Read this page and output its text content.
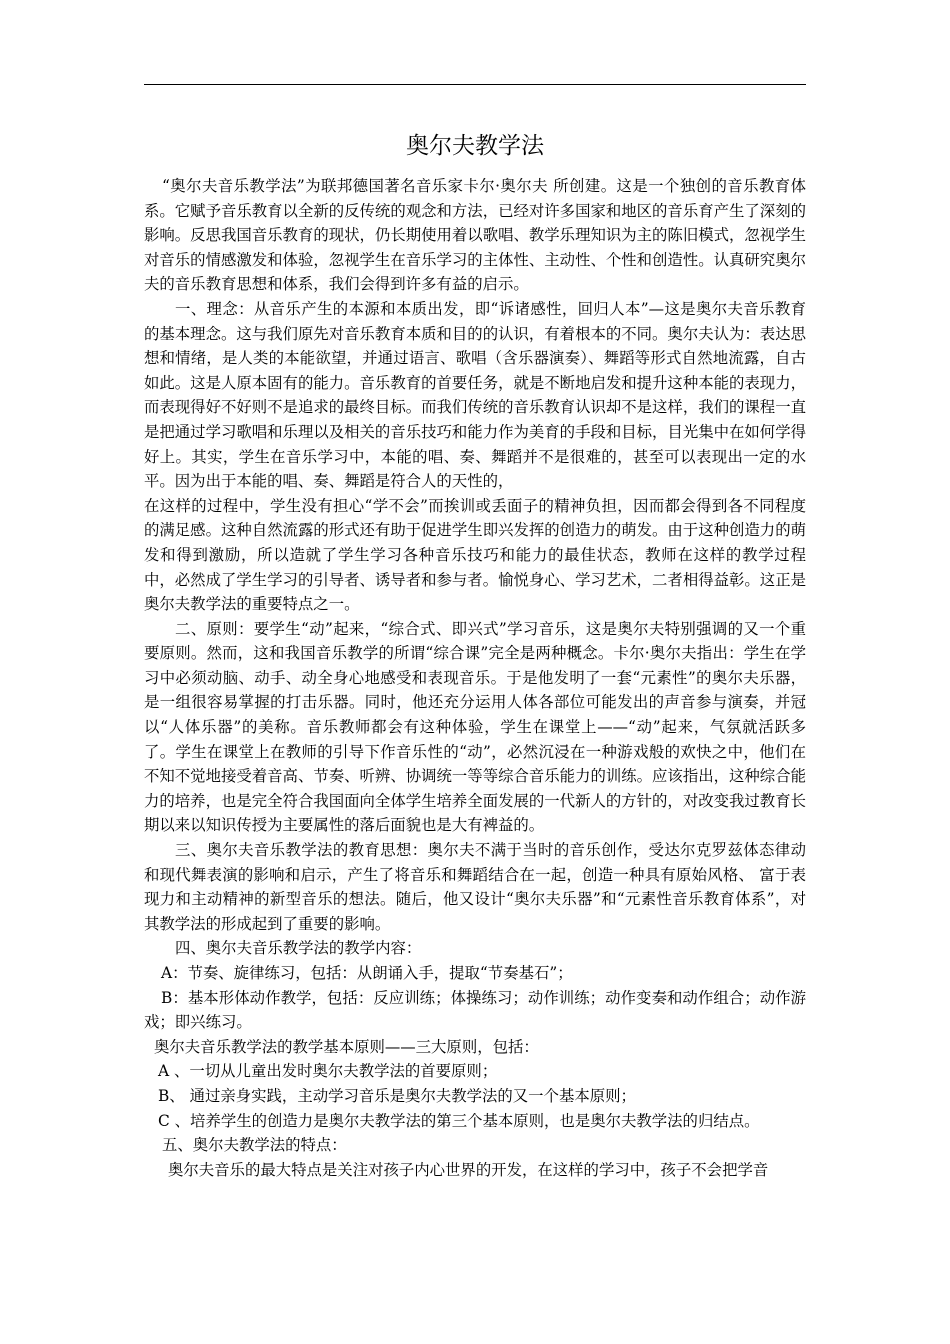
奥尔夫教学法

“奥尔夫音乐教学法”为联邦德国著名音乐家卡尔·奥尔夫 所创建。这是一个独创的音乐教育体系。它赋予音乐教育以全新的反传统的观念和方法，已经对许多国家和地区的音乐育产生了深刻的影响。反思我国音乐教育的现状，仍长期使用着以歌唱、教学乐理知识为主的陈旧模式，忽视学生对音乐的情感激发和体验，忽视学生在音乐学习的主体性、主动性、个性和创造性。认真研究奥尔夫的音乐教育思想和体系，我们会得到许多有益的启示。

一、理念：从音乐产生的本源和本质出发，即“诉诸感性，回归人本”—这是奥尔夫音乐教育的基本理念。这与我们原先对音乐教育本质和目的的认识，有着根本的不同。奥尔夫认为：表达思想和情绪，是人类的本能欲望，并通过语言、歌唱（含乐器演奏）、舞蹈等形式自然地流露，自古如此。这是人原本固有的能力。音乐教育的首要任务，就是不断地启发和提升这种本能的表现力，而表现得好不好则不是追求的最终目标。而我们传统的音乐教育认识却不是这样，我们的课程一直是把通过学习歌唱和乐理以及相关的音乐技巧和能力作为美育的手段和目标，目光集中在如何学得好上。其实，学生在音乐学习中，本能的唱、奏、舞蹈并不是很难的，甚至可以表现出一定的水平。因为出于本能的唱、奏、舞蹈是符合人的天性的，

在这样的过程中，学生没有担心“学不会”而挨训或丢面子的精神负担，因而都会得到各不同程度的满足感。这种自然流露的形式还有助于促进学生即兴发挥的创造力的萌发。由于这种创造力的萌发和得到激励，所以造就了学生学习各种音乐技巧和能力的最佳状态，教师在这样的教学过程 中，必然成了学生学习的引导者、诱导者和参与者。愉悦身心、学习艺术，二者相得益彰。这正是奥尔夫教学法的重要特点之一。

二、原则：要学生“动”起来，“综合式、即兴式”学习音乐，这是奥尔夫特别强调的又一个重要原则。然而，这和我国音乐教学的所谓“综合课”完全是两种概念。卡尔·奥尔夫指出：学生在学习中必须动脑、动手、动全身心地感受和表现音乐。于是他发明了一套“元素性”的奥尔夫乐器，是一组很容易掌握的打击乐器。同时，他还充分运用人体各部位可能发出的声音参与演奏，并冠以“人体乐器”的美称。音乐教师都会有这种体验，学生在课堂上——“动”起来，气氛就活跃多了。学生在课堂上在教师的引导下作音乐性的“动”，必然沉浸在一种游戏般的欢快之中，他们在不知不觉地接受着音高、节奏、听辨、协调统一等等综合音乐能力的训练。应该指出，这种综合能力的培养，也是完全符合我国面向全体学生培养全面发展的一代新人的方针的，对改变我过教育长期以来以知识传授为主要属性的落后面貌也是大有裨益的。

三、奥尔夫音乐教学法的教育思想：奥尔夫不满于当时的音乐创作，受达尔克罗兹体态律动和现代舞表演的影响和启示，产生了将音乐和舞蹈结合在一起，创造一种具有原始风格、 富于表现力和主动精神的新型音乐的想法。随后，他又设计“奥尔夫乐器”和“元素性音乐教育体系”，对其教学法的形成起到了重要的影响。

四、奥尔夫音乐教学法的教学内容：

A：节奏、旋律练习，包括：从朗诵入手，提取“节奏基石”；

B：基本形体动作教学，包括：反应训练；体操练习；动作训练；动作变奏和动作组合；动作游戏；即兴练习。

奥尔夫音乐教学法的教学基本原则——三大原则，包括：

A 、一切从儿童出发时奥尔夫教学法的首要原则；

B、 通过亲身实践，主动学习音乐是奥尔夫教学法的又一个基本原则；

C 、培养学生的创造力是奥尔夫教学法的第三个基本原则，也是奥尔夫教学法的归结点。

五、奥尔夫教学法的特点：

奥尔夫音乐的最大特点是关注对孩子内心世界的开发，在这样的学习中，孩子不会把学音
